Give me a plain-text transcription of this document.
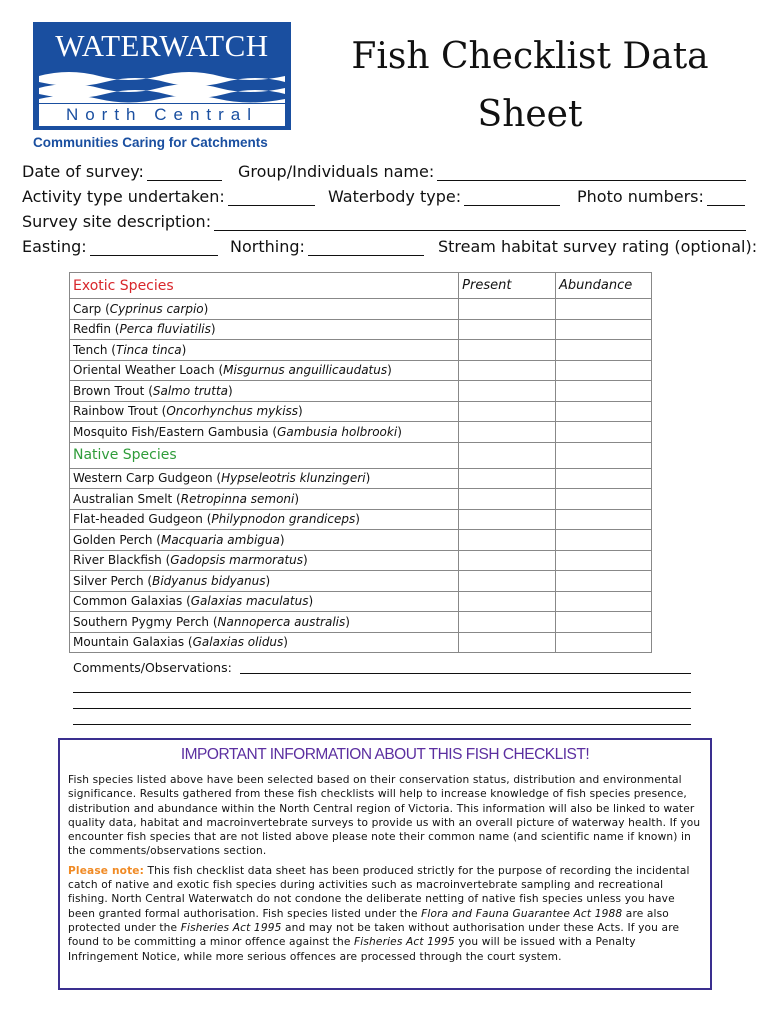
WATERWATCH
North Central
Communities Caring for Catchments
Fish Checklist Data
Sheet
Date of survey:	Group/Individuals name:
Activity type undertaken:	Waterbody type:	Photo numbers:
Survey site description:
Easting:	Northing:	Stream habitat survey rating (optional):
Exotic Species	Present	Abundance
Carp (Cyprinus carpio)		
Redfin (Perca fluviatilis)		
Tench (Tinca tinca)		
Oriental Weather Loach (Misgurnus anguillicaudatus)		
Brown Trout (Salmo trutta)		
Rainbow Trout (Oncorhynchus mykiss)		
Mosquito Fish/Eastern Gambusia (Gambusia holbrooki)		
Native Species		
Western Carp Gudgeon (Hypseleotris klunzingeri)		
Australian Smelt (Retropinna semoni)		
Flat-headed Gudgeon (Philypnodon grandiceps)		
Golden Perch (Macquaria ambigua)		
River Blackfish (Gadopsis marmoratus)		
Silver Perch (Bidyanus bidyanus)		
Common Galaxias (Galaxias maculatus)		
Southern Pygmy Perch (Nannoperca australis)		
Mountain Galaxias (Galaxias olidus)		
Comments/Observations:
IMPORTANT INFORMATION ABOUT THIS FISH CHECKLIST!

Fish species listed above have been selected based on their conservation status, distribution and environmental significance. Results gathered from these fish checklists will help to increase knowledge of fish species presence, distribution and abundance within the North Central region of Victoria. This information will also be linked to water quality data, habitat and macroinvertebrate surveys to provide us with an overall picture of waterway health. If you encounter fish species that are not listed above please note their common name (and scientific name if known) in the comments/observations section.

Please note: This fish checklist data sheet has been produced strictly for the purpose of recording the incidental catch of native and exotic fish species during activities such as macroinvertebrate sampling and recreational fishing. North Central Waterwatch do not condone the deliberate netting of native fish species unless you have been granted formal authorisation. Fish species listed under the Flora and Fauna Guarantee Act 1988 are also protected under the Fisheries Act 1995 and may not be taken without authorisation under these Acts. If you are found to be committing a minor offence against the Fisheries Act 1995 you will be issued with a Penalty Infringement Notice, while more serious offences are processed through the court system.
